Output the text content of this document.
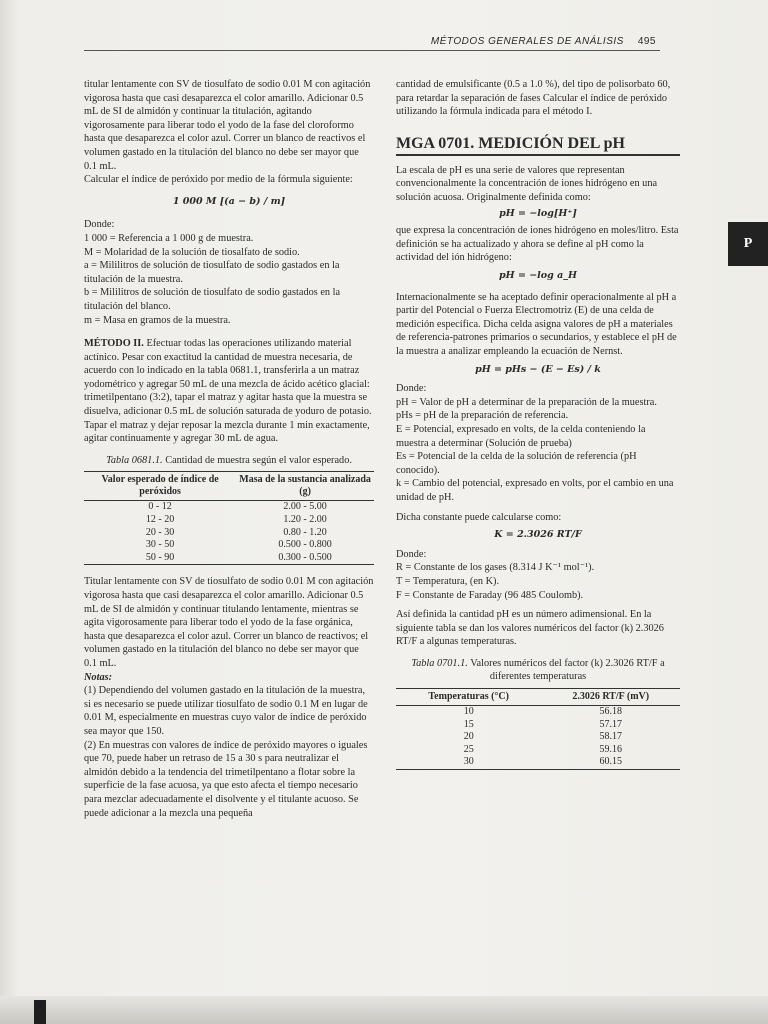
MÉTODOS GENERALES DE ANÁLISIS 495
P

titular lentamente con SV de tiosulfato de sodio 0.01 M con agitación vigorosa hasta que casi desaparezca el color amarillo. Adicionar 0.5 mL de SI de almidón y continuar la titulación, agitando vigorosamente para liberar todo el yodo de la fase del cloroformo hasta que desaparezca el color azul. Correr un blanco de reactivos el volumen gastado en la titulación del blanco no debe ser mayor que 0.1 mL.

Calcular el índice de peróxido por medio de la fórmula siguiente:

1 000 M [(a − b) / m]

Donde:

1 000 = Referencia a 1 000 g de muestra.

M = Molaridad de la solución de tiosalfato de sodio.

a = Mililitros de solución de tiosulfato de sodio gastados en la titulación de la muestra.

b = Mililitros de solución de tiosulfato de sodio gastados en la titulación del blanco.

m = Masa en gramos de la muestra.

MÉTODO II. Efectuar todas las operaciones utilizando material actínico. Pesar con exactitud la cantidad de muestra necesaria, de acuerdo con lo indicado en la tabla 0681.1, transferirla a un matraz yodométrico y agregar 50 mL de una mezcla de ácido acético glacial: trimetilpentano (3:2), tapar el matraz y agitar hasta que la muestra se disuelva, adicionar 0.5 mL de solución saturada de yoduro de potasio. Tapar el matraz y dejar reposar la mezcla durante 1 min exactamente, agitar continuamente y agregar 30 mL de agua.

Tabla 0681.1. Cantidad de muestra según el valor esperado.

Valor esperado de índice de peróxidos	Masa de la sustancia analizada (g)
0 - 12	2.00 - 5.00
12 - 20	1.20 - 2.00
20 - 30	0.80 - 1.20
30 - 50	0.500 - 0.800
50 - 90	0.300 - 0.500

Titular lentamente con SV de tiosulfato de sodio 0.01 M con agitación vigorosa hasta que casi desaparezca el color amarillo. Adicionar 0.5 mL de SI de almidón y continuar titulando lentamente, mientras se agita vigorosamente para liberar todo el yodo de la fase orgánica, hasta que desaparezca el color azul. Correr un blanco de reactivos; el volumen gastado en la titulación del blanco no debe ser mayor que 0.1 mL.

Notas:

(1) Dependiendo del volumen gastado en la titulación de la muestra, si es necesario se puede utilizar tiosulfato de sodio 0.1 M en lugar de 0.01 M, especialmente en muestras cuyo valor de índice de peróxido sea mayor que 150.

(2) En muestras con valores de índice de peróxido mayores o iguales que 70, puede haber un retraso de 15 a 30 s para neutralizar el almidón debido a la tendencia del trimetilpentano a flotar sobre la superficie de la fase acuosa, ya que esto afecta el tiempo necesario para mezclar adecuadamente el disolvente y el titulante acuoso. Se puede adicionar a la mezcla una pequeña

cantidad de emulsificante (0.5 a 1.0 %), del tipo de polisorbato 60, para retardar la separación de fases Calcular el índice de peróxido utilizando la fórmula indicada para el método I.

MGA 0701. MEDICIÓN DEL pH

La escala de pH es una serie de valores que representan convencionalmente la concentración de iones hidrógeno en una solución acuosa. Originalmente definida como:

pH = −log[H⁺]

que expresa la concentración de iones hidrógeno en moles/litro. Esta definición se ha actualizado y ahora se define al pH como la actividad del ión hidrógeno:

pH = −log a_H

Internacionalmente se ha aceptado definir operacionalmente al pH a partir del Potencial o Fuerza Electromotriz (E) de una celda de medición específica. Dicha celda asigna valores de pH a materiales de referencia-patrones primarios o secundarios, y establece el pH de la muestra a analizar empleando la ecuación de Nernst.

pH = pHs − (E − Es) / k

Donde:

pH = Valor de pH a determinar de la preparación de la muestra.

pHs = pH de la preparación de referencia.

E = Potencial, expresado en volts, de la celda conteniendo la muestra a determinar (Solución de prueba)

Es = Potencial de la celda de la solución de referencia (pH conocido).

k = Cambio del potencial, expresado en volts, por el cambio en una unidad de pH.

Dicha constante puede calcularse como:

K = 2.3026 RT/F

Donde:

R = Constante de los gases (8.314 J K⁻¹ mol⁻¹).

T = Temperatura, (en K).

F = Constante de Faraday (96 485 Coulomb).

Así definida la cantidad pH es un número adimensional. En la siguiente tabla se dan los valores numéricos del factor (k) 2.3026 RT/F a algunas temperaturas.

Tabla 0701.1. Valores numéricos del factor (k) 2.3026 RT/F a diferentes temperaturas

Temperaturas (°C)	2.3026 RT/F (mV)
10	56.18
15	57.17
20	58.17
25	59.16
30	60.15
